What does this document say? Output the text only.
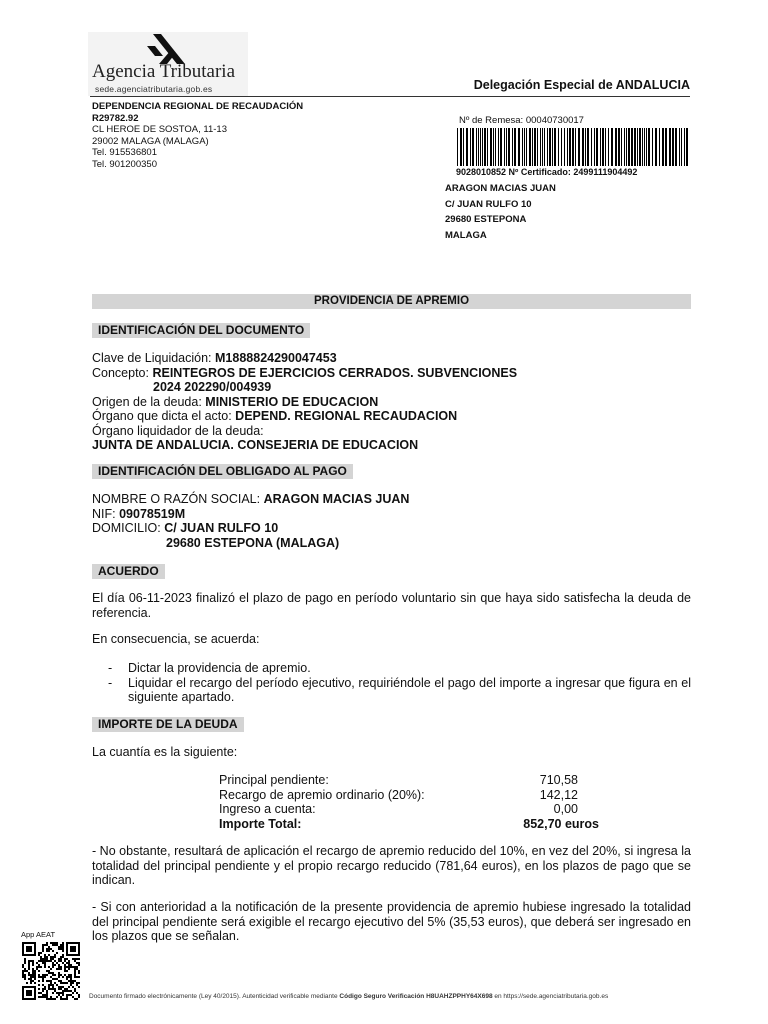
Agencia Tributaria
sede.agenciatributaria.gob.es	Delegación Especial de ANDALUCIA
DEPENDENCIA REGIONAL DE RECAUDACIÓN
R29782.92
CL HEROE DE SOSTOA, 11-13
29002 MALAGA (MALAGA)
Tel. 915536801
Tel. 901200350
Nº de Remesa: 00040730017
9028010852 Nº Certificado: 2499111904492
ARAGON MACIAS JUAN
C/ JUAN RULFO 10
29680 ESTEPONA
MALAGA
PROVIDENCIA DE APREMIO
IDENTIFICACIÓN DEL DOCUMENTO
Clave de Liquidación: M1888824290047453
Concepto: REINTEGROS DE EJERCICIOS CERRADOS. SUBVENCIONES
2024 202290/004939
Origen de la deuda: MINISTERIO DE EDUCACION
Órgano que dicta el acto: DEPEND. REGIONAL RECAUDACION
Órgano liquidador de la deuda:
JUNTA DE ANDALUCIA. CONSEJERIA DE EDUCACION
IDENTIFICACIÓN DEL OBLIGADO AL PAGO
NOMBRE O RAZÓN SOCIAL: ARAGON MACIAS JUAN
NIF: 09078519M
DOMICILIO: C/ JUAN RULFO 10
29680 ESTEPONA (MALAGA)
ACUERDO
El día 06-11-2023 finalizó el plazo de pago en período voluntario sin que haya sido satisfecha la deuda de referencia.
En consecuencia, se acuerda:
- Dictar la providencia de apremio.
- Liquidar el recargo del período ejecutivo, requiriéndole el pago del importe a ingresar que figura en el siguiente apartado.
IMPORTE DE LA DEUDA
La cuantía es la siguiente:
Principal pendiente:	710,58
Recargo de apremio ordinario (20%):	142,12
Ingreso a cuenta:	0,00
Importe Total:	852,70 euros
- No obstante, resultará de aplicación el recargo de apremio reducido del 10%, en vez del 20%, si ingresa la totalidad del principal pendiente y el propio recargo reducido (781,64 euros), en los plazos de pago que se indican.
- Si con anterioridad a la notificación de la presente providencia de apremio hubiese ingresado la totalidad del principal pendiente será exigible el recargo ejecutivo del 5% (35,53 euros), que deberá ser ingresado en los plazos que se señalan.
App AEAT
Documento firmado electrónicamente (Ley 40/2015). Autenticidad verificable mediante Código Seguro Verificación H8UAHZPPHY64X698 en https://sede.agenciatributaria.gob.es
